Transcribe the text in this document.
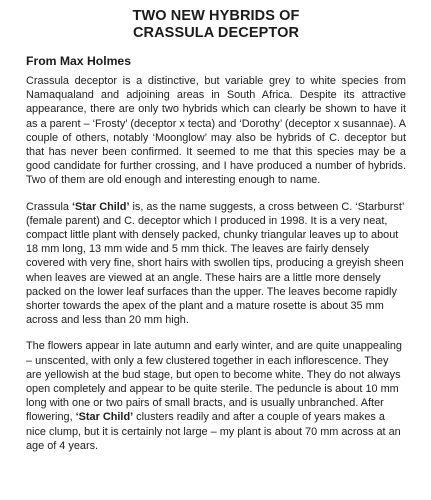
TWO NEW HYBRIDS OF
CRASSULA DECEPTOR
From Max Holmes

Crassula deceptor is a distinctive, but variable grey to white species from Namaqualand and adjoining areas in South Africa. Despite its attractive appearance, there are only two hybrids which can clearly be shown to have it as a parent – ‘Frosty’ (deceptor x tecta) and ‘Dorothy’ (deceptor x susannae). A couple of others, notably ‘Moonglow’ may also be hybrids of C. deceptor but that has never been confirmed. It seemed to me that this species may be a good candidate for further crossing, and I have produced a number of hybrids. Two of them are old enough and interesting enough to name.

Crassula ‘Star Child’ is, as the name suggests, a cross between C. ‘Starburst’ (female parent) and C. deceptor which I produced in 1998. It is a very neat, compact little plant with densely packed, chunky triangular leaves up to about 18 mm long, 13 mm wide and 5 mm thick. The leaves are fairly densely covered with very fine, short hairs with swollen tips, producing a greyish sheen when leaves are viewed at an angle. These hairs are a little more densely packed on the lower leaf surfaces than the upper. The leaves become rapidly shorter towards the apex of the plant and a mature rosette is about 35 mm across and less than 20 mm high.

The flowers appear in late autumn and early winter, and are quite unappealing – unscented, with only a few clustered together in each inflorescence. They are yellowish at the bud stage, but open to become white. They do not always open completely and appear to be quite sterile. The peduncle is about 10 mm long with one or two pairs of small bracts, and is usually unbranched. After flowering, ‘Star Child’ clusters readily and after a couple of years makes a nice clump, but it is certainly not large – my plant is about 70 mm across at an age of 4 years.
